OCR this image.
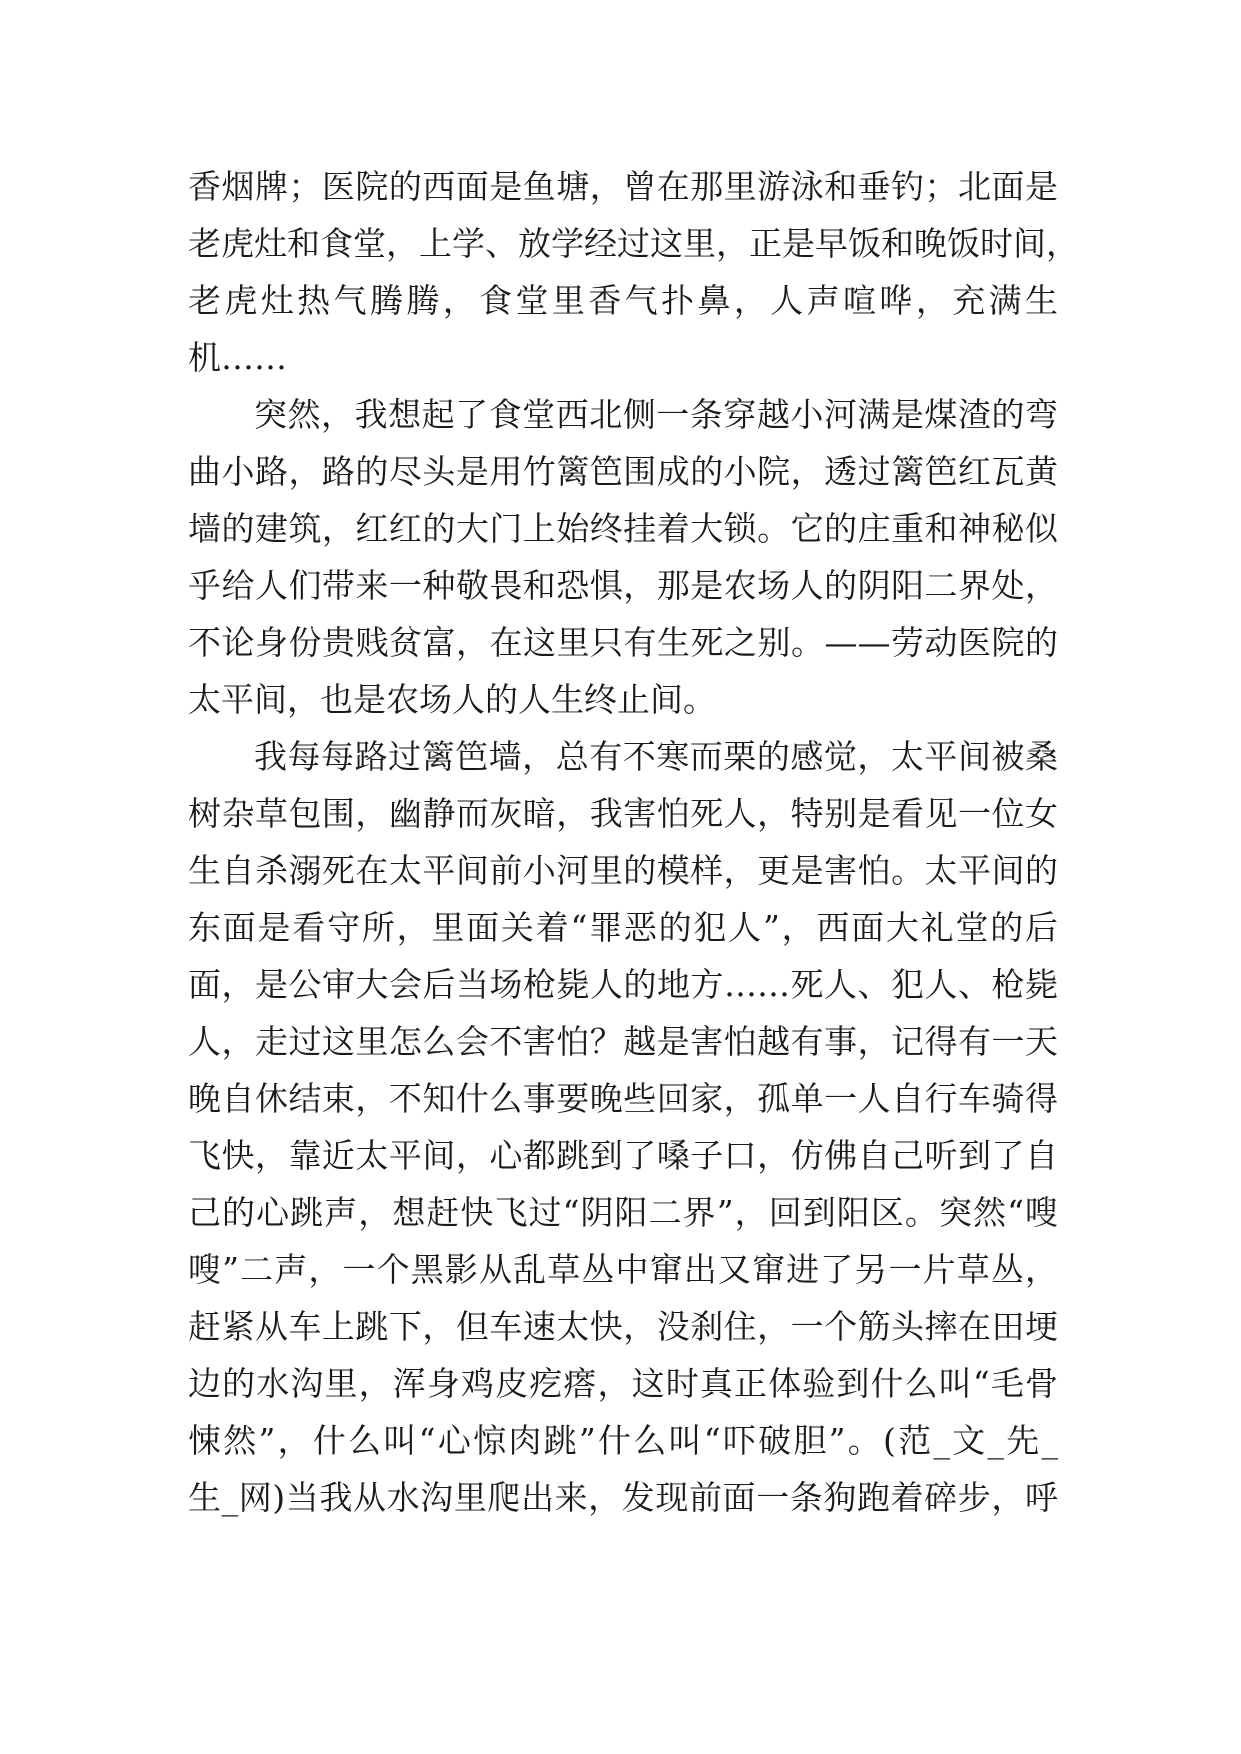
香烟牌；医院的西面是鱼塘，曾在那里游泳和垂钓；北面是
老虎灶和食堂，上学、放学经过这里，正是早饭和晚饭时间，
老虎灶热气腾腾，食堂里香气扑鼻，人声喧哗，充满生
机……
突然，我想起了食堂西北侧一条穿越小河满是煤渣的弯
曲小路，路的尽头是用竹篱笆围成的小院，透过篱笆红瓦黄
墙的建筑，红红的大门上始终挂着大锁。它的庄重和神秘似
乎给人们带来一种敬畏和恐惧，那是农场人的阴阳二界处，
不论身份贵贱贫富，在这里只有生死之别。——劳动医院的
太平间，也是农场人的人生终止间。
我每每路过篱笆墙，总有不寒而栗的感觉，太平间被桑
树杂草包围，幽静而灰暗，我害怕死人，特别是看见一位女
生自杀溺死在太平间前小河里的模样，更是害怕。太平间的
东面是看守所，里面关着“罪恶的犯人”，西面大礼堂的后
面，是公审大会后当场枪毙人的地方……死人、犯人、枪毙
人，走过这里怎么会不害怕？越是害怕越有事，记得有一天
晚自休结束，不知什么事要晚些回家，孤单一人自行车骑得
飞快，靠近太平间，心都跳到了嗓子口，仿佛自己听到了自
己的心跳声，想赶快飞过“阴阳二界”，回到阳区。突然“嗖
嗖”二声，一个黑影从乱草丛中窜出又窜进了另一片草丛，
赶紧从车上跳下，但车速太快，没刹住，一个筋头摔在田埂
边的水沟里，浑身鸡皮疙瘩，这时真正体验到什么叫“毛骨
悚然”，什么叫“心惊肉跳”什么叫“吓破胆”。(范_文_先_
生_网)当我从水沟里爬出来，发现前面一条狗跑着碎步，呼
